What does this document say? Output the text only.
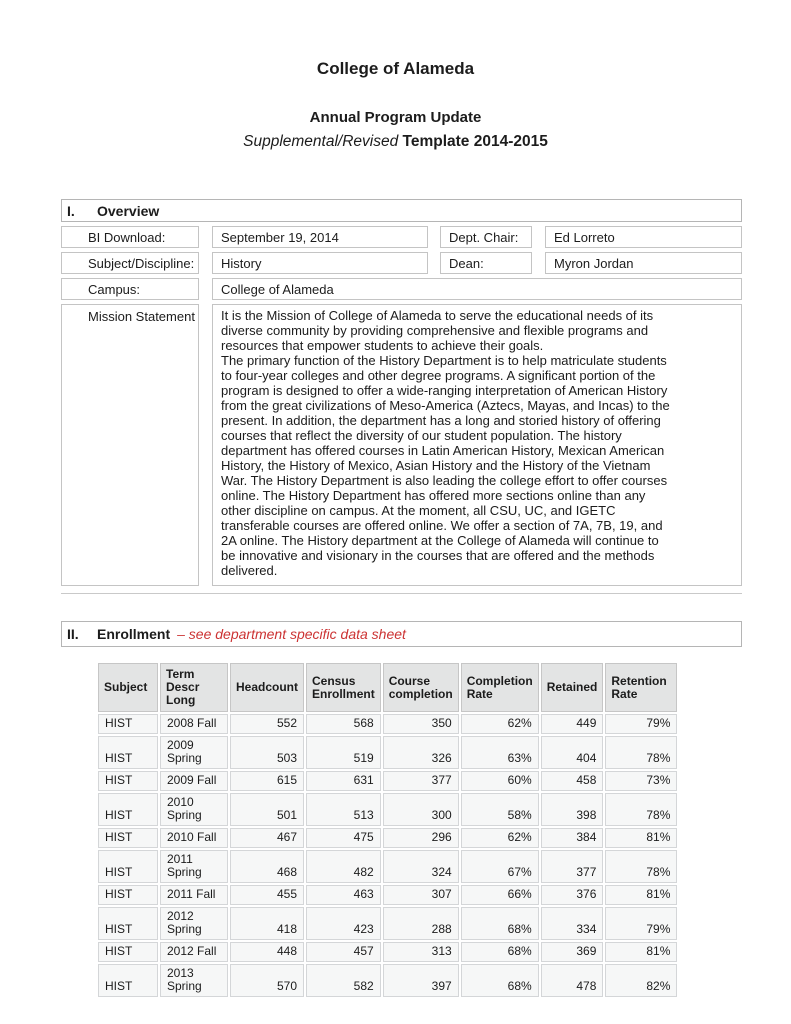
College of Alameda
Annual Program Update
Supplemental/Revised Template 2014-2015
I.	Overview
BI Download:	September 19, 2014	Dept. Chair:	Ed Lorreto
Subject/Discipline:	History	Dean:	Myron Jordan
Campus:	College of Alameda
Mission Statement	It is the Mission of College of Alameda to serve the educational needs of its diverse community by providing comprehensive and flexible programs and resources that empower students to achieve their goals.

The primary function of the History Department is to help matriculate students to four-year colleges and other degree programs. A significant portion of the program is designed to offer a wide-ranging interpretation of American History from the great civilizations of Meso-America (Aztecs, Mayas, and Incas) to the present. In addition, the department has a long and storied history of offering courses that reflect the diversity of our student population. The history department has offered courses in Latin American History, Mexican American History, the History of Mexico, Asian History and the History of the Vietnam War. The History Department is also leading the college effort to offer courses online. The History Department has offered more sections online than any other discipline on campus. At the moment, all CSU, UC, and IGETC transferable courses are offered online. We offer a section of 7A, 7B, 19, and 2A online. The History department at the College of Alameda will continue to be innovative and visionary in the courses that are offered and the methods delivered.

II.	Enrollment – see department specific data sheet
Subject	Term Descr Long	Headcount	Census Enrollment	Course completion	Completion Rate	Retained	Retention Rate
HIST	2008 Fall	552	568	350	62%	449	79%
HIST	2009 Spring	503	519	326	63%	404	78%
HIST	2009 Fall	615	631	377	60%	458	73%
HIST	2010 Spring	501	513	300	58%	398	78%
HIST	2010 Fall	467	475	296	62%	384	81%
HIST	2011 Spring	468	482	324	67%	377	78%
HIST	2011 Fall	455	463	307	66%	376	81%
HIST	2012 Spring	418	423	288	68%	334	79%
HIST	2012 Fall	448	457	313	68%	369	81%
HIST	2013 Spring	570	582	397	68%	478	82%
